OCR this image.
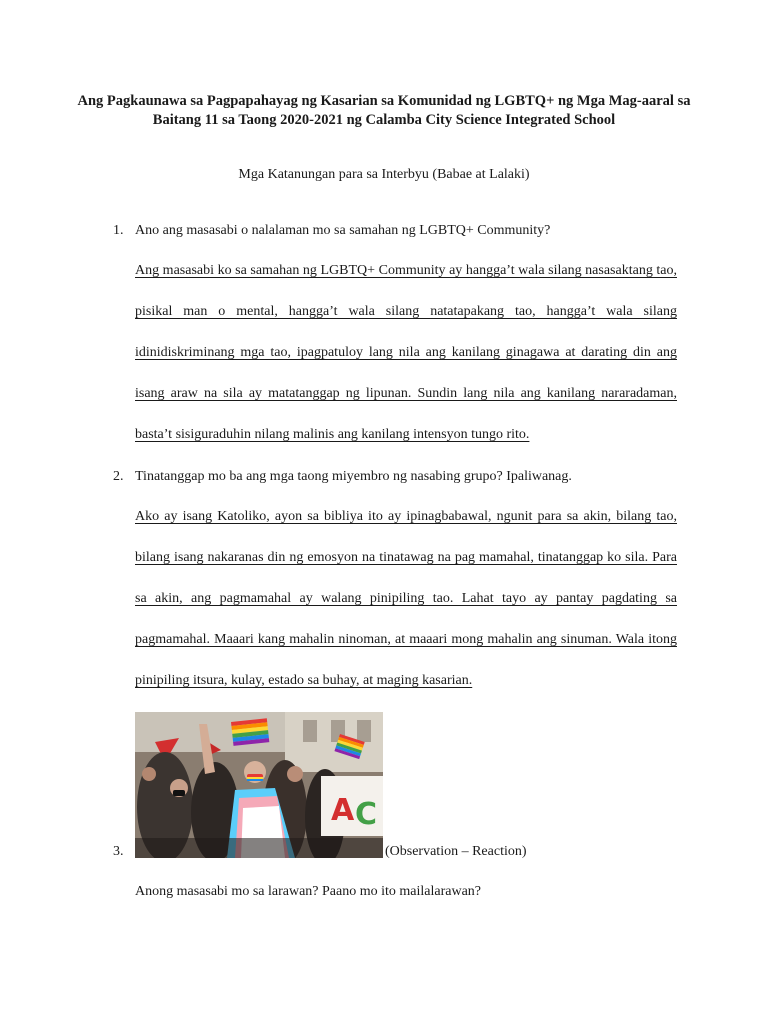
Ang Pagkaunawa sa Pagpapahayag ng Kasarian sa Komunidad ng LGBTQ+ ng Mga Mag-aaral sa Baitang 11 sa Taong 2020-2021 ng Calamba City Science Integrated School
Mga Katanungan para sa Interbyu (Babae at Lalaki)
1. Ano ang masasabi o nalalaman mo sa samahan ng LGBTQ+ Community?
Ang masasabi ko sa samahan ng LGBTQ+ Community ay hangga’t wala silang nasasaktang tao, pisikal man o mental, hangga’t wala silang natatapakang tao, hangga’t wala silang idinidiskriminang mga tao, ipagpatuloy lang nila ang kanilang ginagawa at darating din ang isang araw na sila ay matatanggap ng lipunan. Sundin lang nila ang kanilang nararadaman, basta’t sisiguraduhin nilang malinis ang kanilang intensyon tungo rito.
2. Tinatanggap mo ba ang mga taong miyembro ng nasabing grupo? Ipaliwanag.
Ako ay isang Katoliko, ayon sa bibliya ito ay ipinagbabawal, ngunit para sa akin, bilang tao, bilang isang nakaranas din ng emosyon na tinatawag na pag mamahal, tinatanggap ko sila. Para sa akin, ang pagmamahal ay walang pinipiling tao. Lahat tayo ay pantay pagdating sa pagmamahal. Maaari kang mahalin ninoman, at maaari mong mahalin ang sinuman. Wala itong pinipiling itsura, kulay, estado sa buhay, at maging kasarian.
3.
A C
(Observation – Reaction)
Anong masasabi mo sa larawan? Paano mo ito mailalarawan?
